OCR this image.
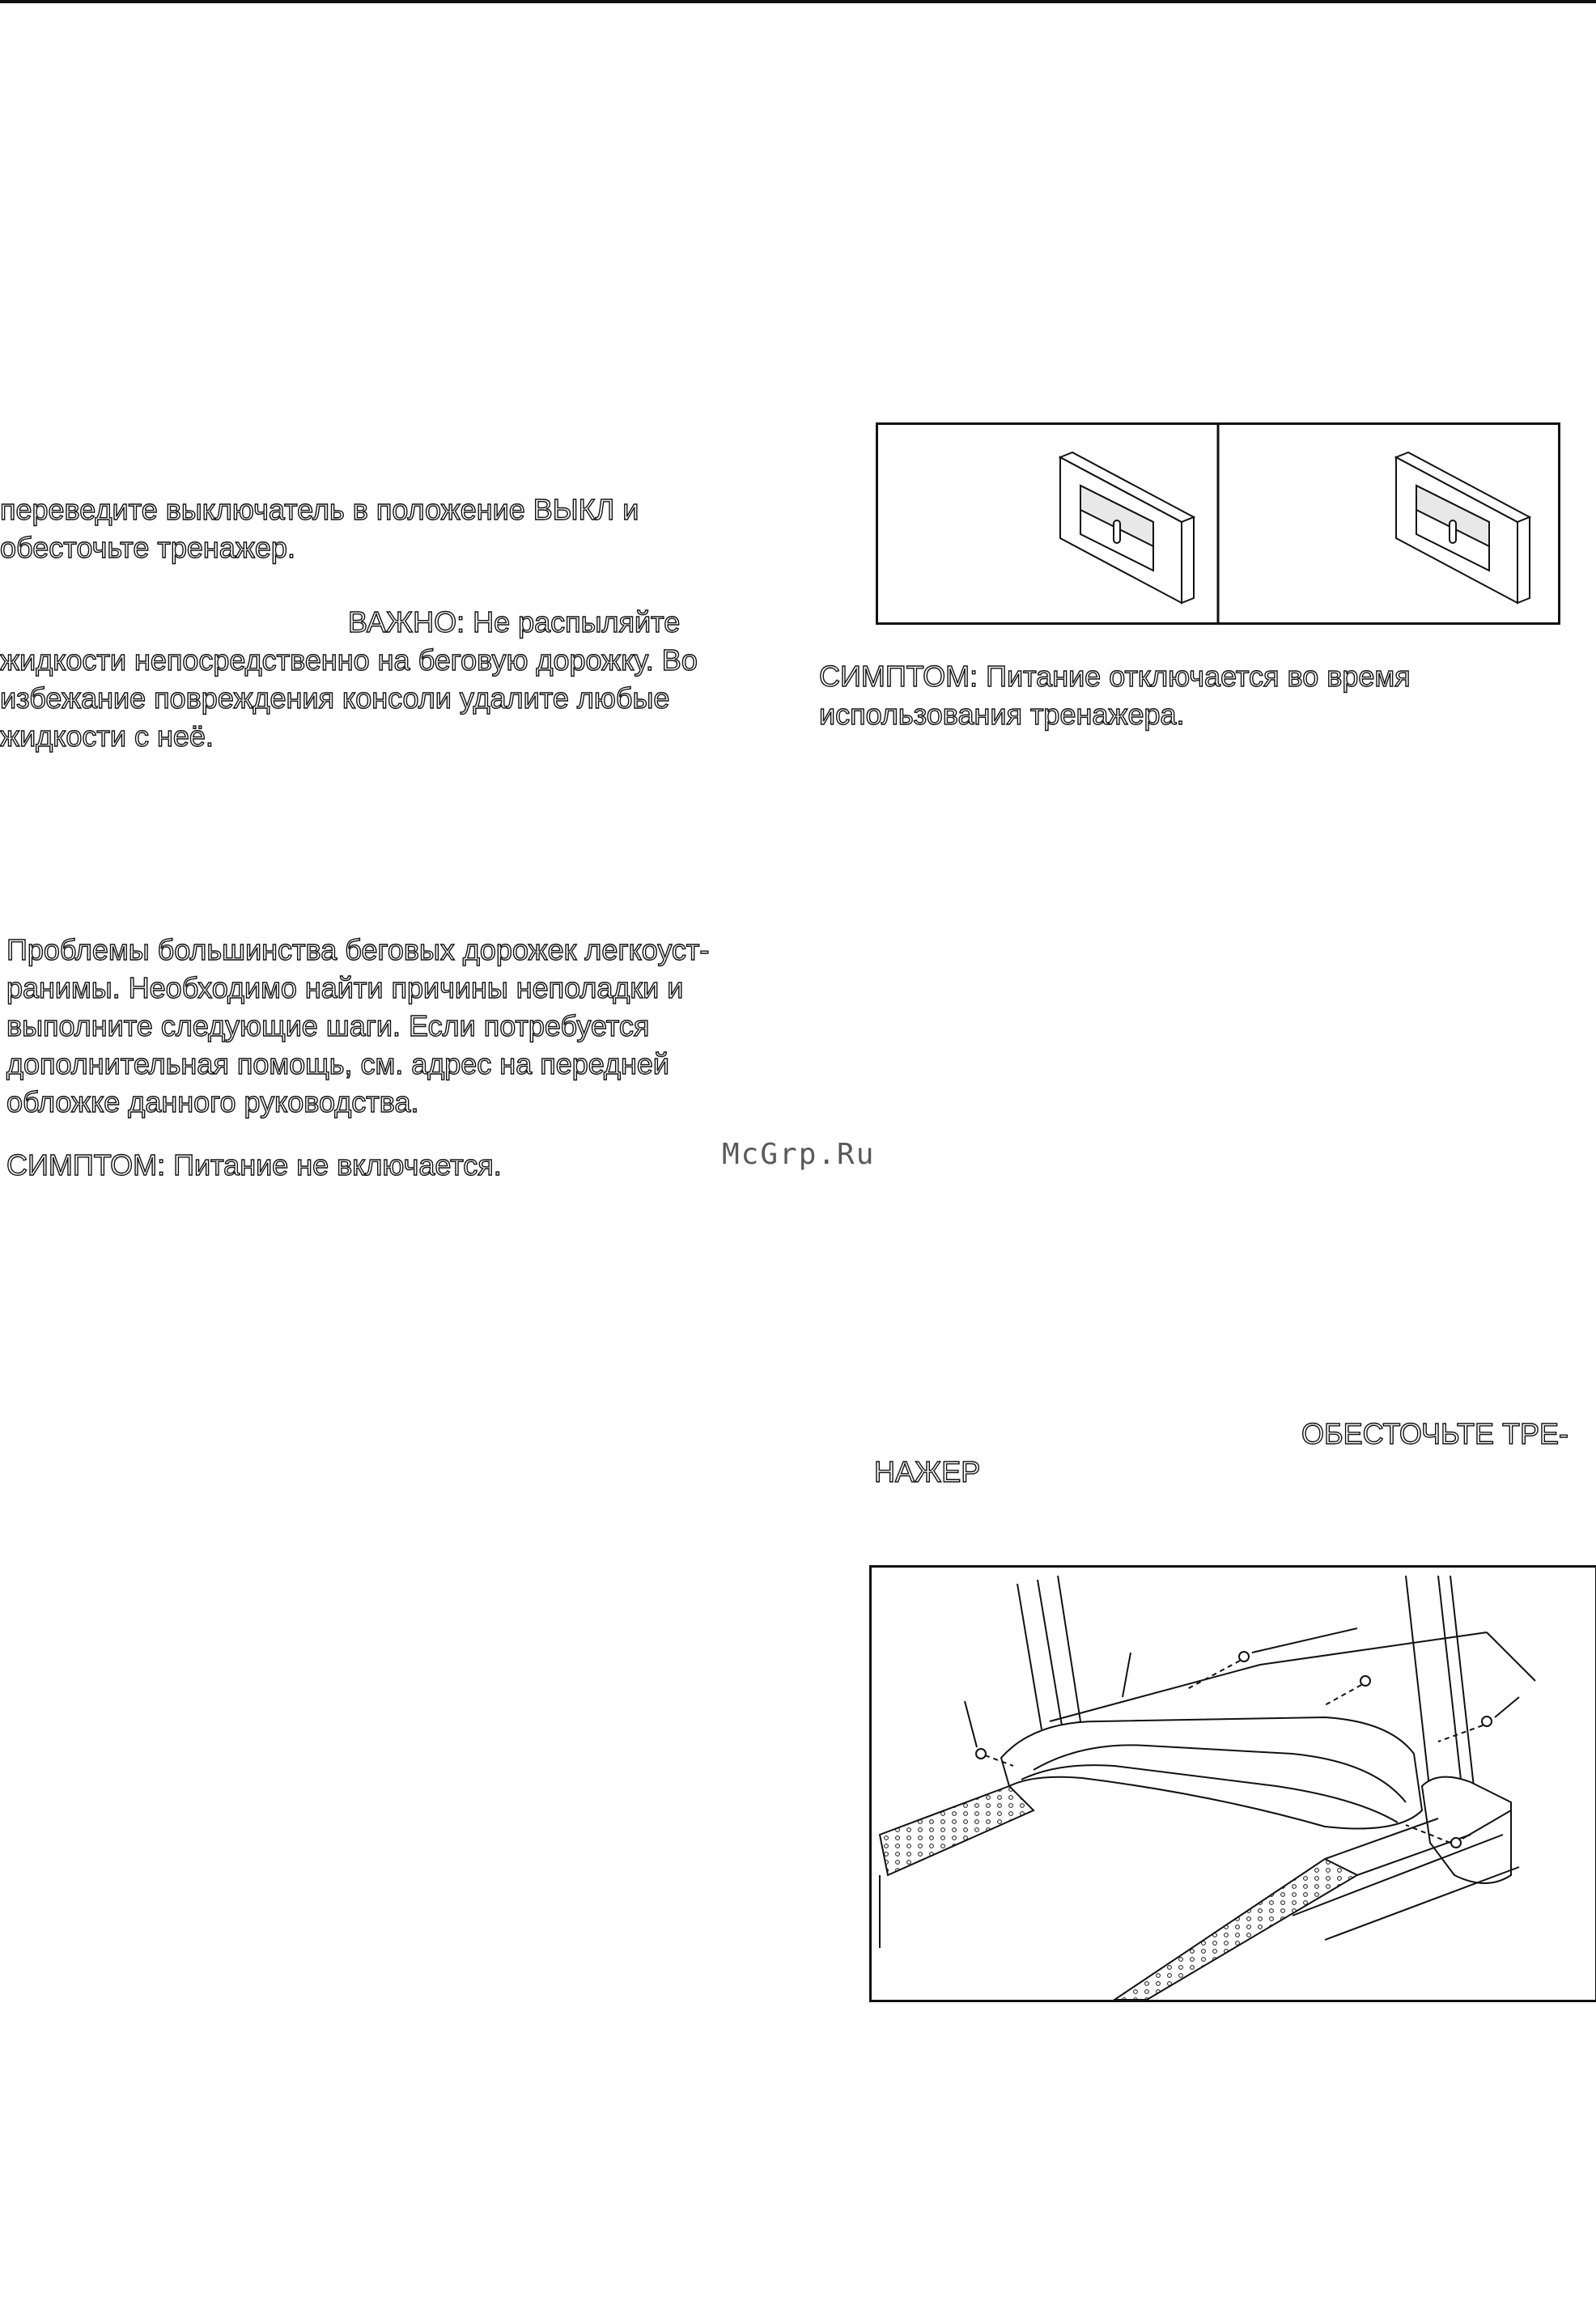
переведите выключатель в положение ВЫКЛ и

обесточьте тренажер.

ВАЖНО: Не распыляйте

жидкости непосредственно на беговую дорожку. Во

избежание повреждения консоли удалите любые

жидкости с неё.

Проблемы большинства беговых дорожек легкоуст-

ранимы. Необходимо найти причины неполадки и

выполните следующие шаги. Если потребуется

дополнительная помощь, см. адрес на передней

обложке данного руководства.

СИМПТОМ: Питание не включается.	McGrp.Ru

СИМПТОМ: Питание отключается во время

использования тренажера.

ОБЕСТОЧЬТЕ ТРЕ-

НАЖЕР
